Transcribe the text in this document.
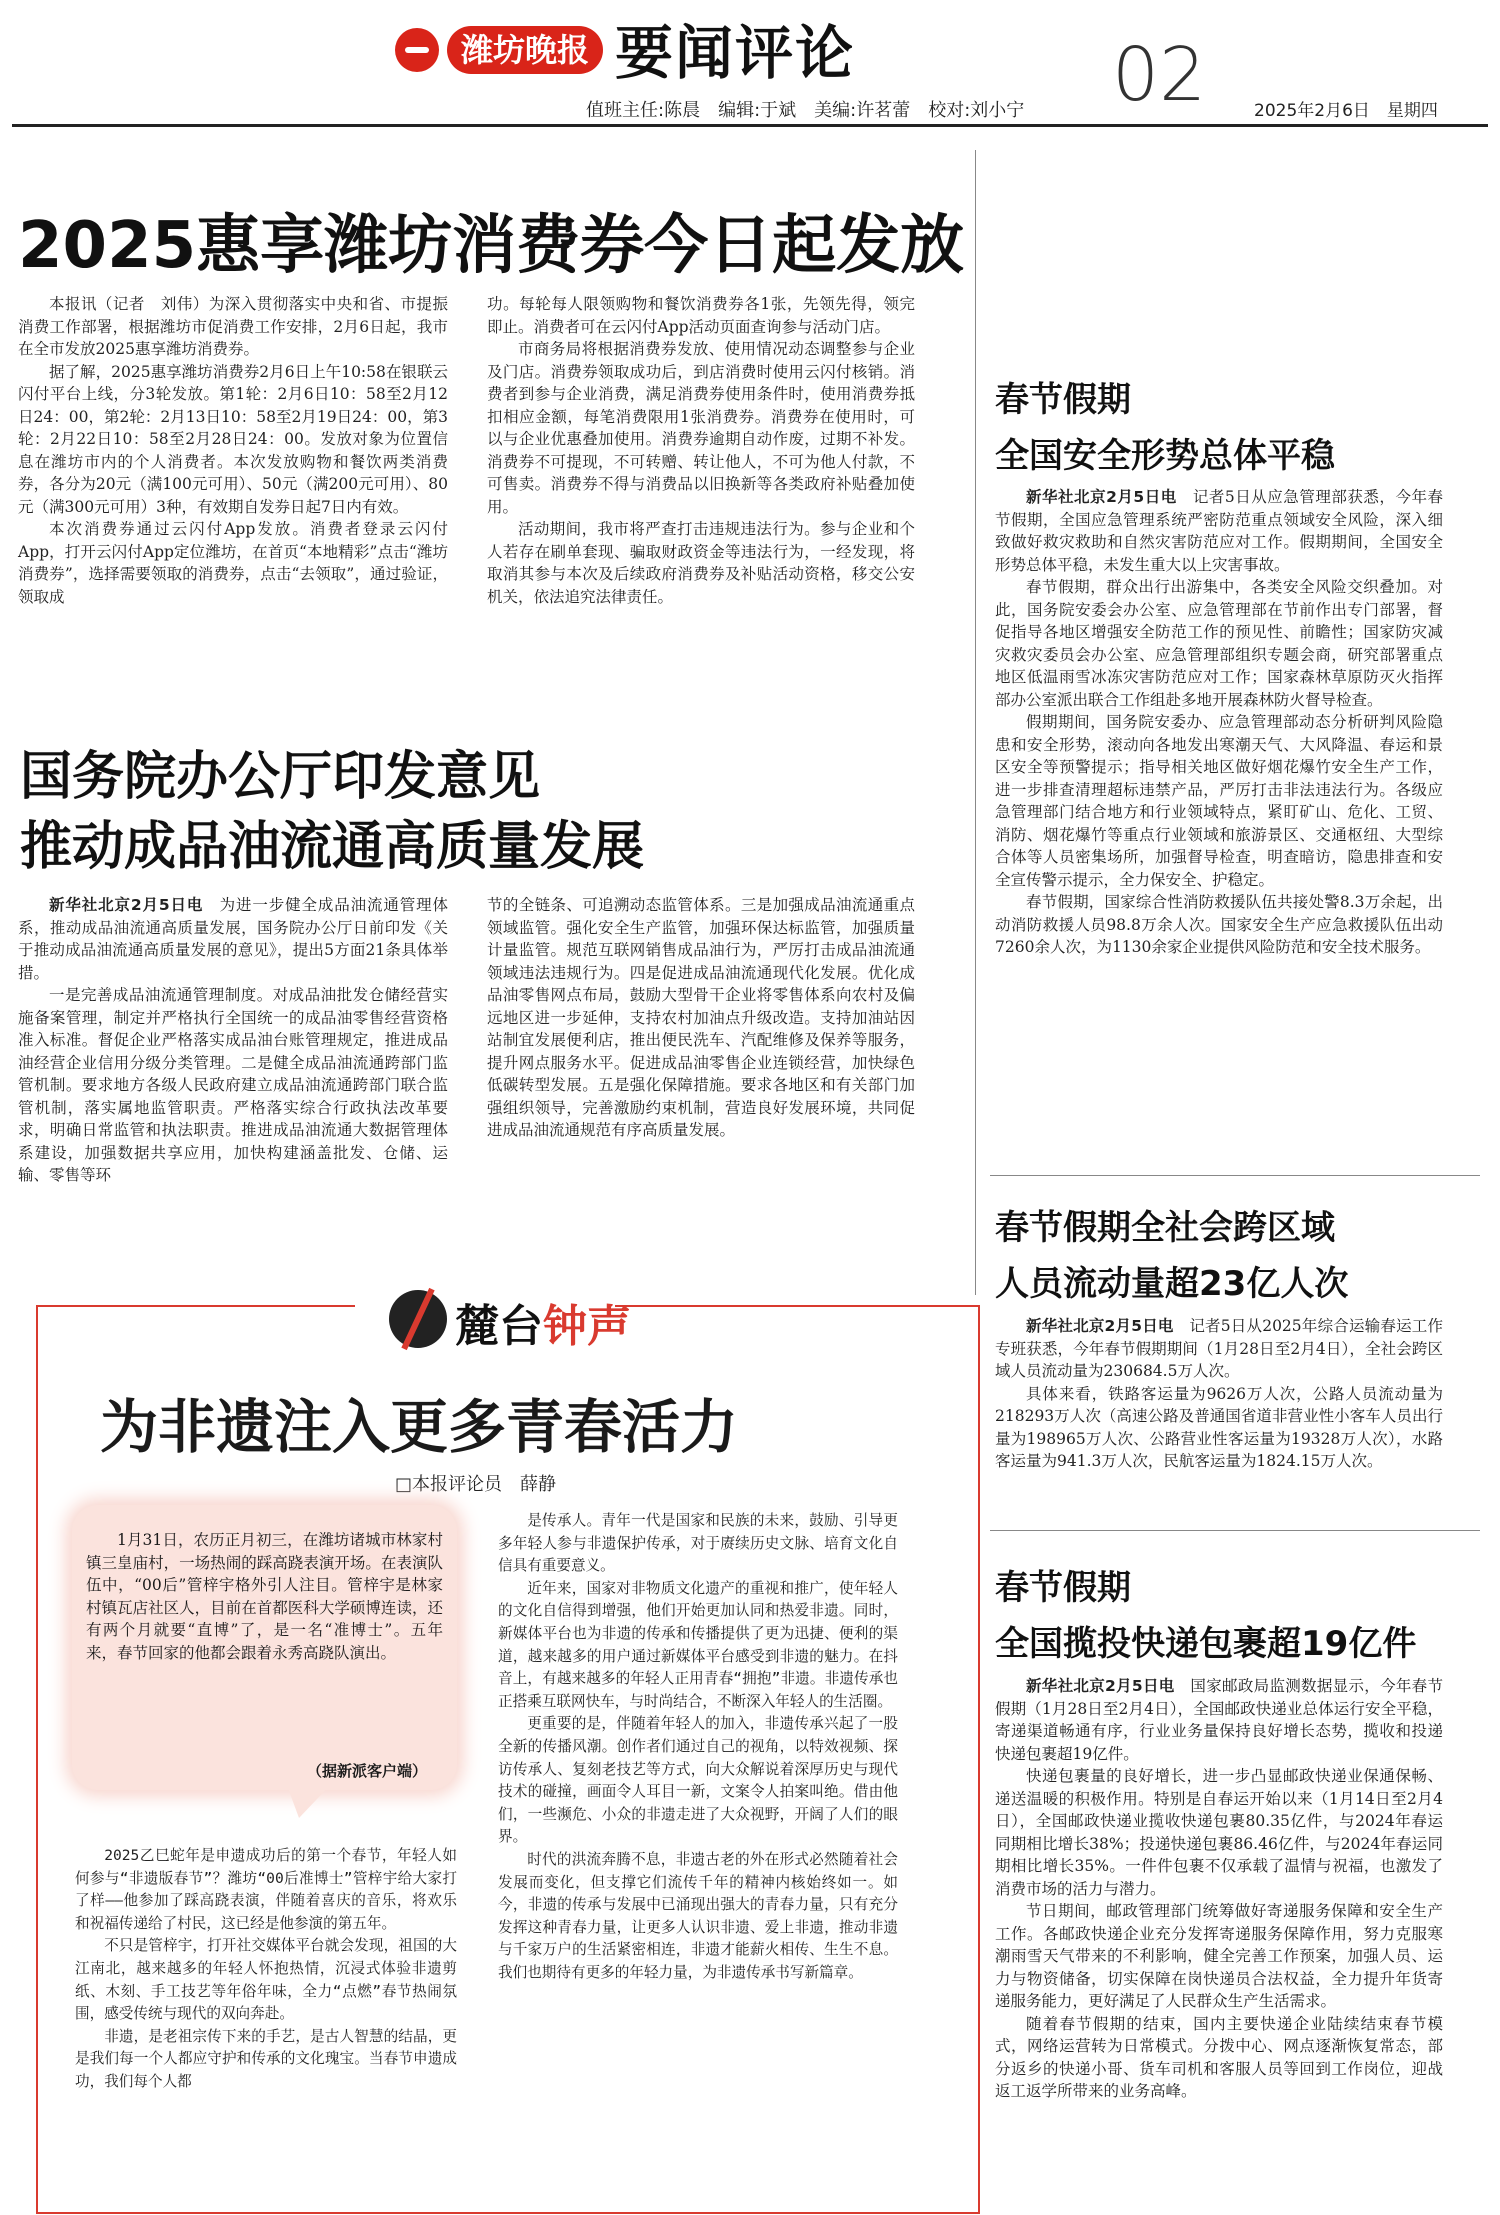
潍坊晚报 要闻评论
值班主任:陈晨　编辑:于斌　美编:许茗蕾　校对:刘小宁 02	2025年2月6日　星期四
2025惠享潍坊消费券今日起发放

本报讯（记者　刘伟）为深入贯彻落实中央和省、市提振消费工作部署，根据潍坊市促消费工作安排，2月6日起，我市在全市发放2025惠享潍坊消费券。

据了解，2025惠享潍坊消费券2月6日上午10:58在银联云闪付平台上线，分3轮发放。第1轮：2月6日10：58至2月12日24：00，第2轮：2月13日10：58至2月19日24：00，第3轮：2月22日10：58至2月28日24：00。发放对象为位置信息在潍坊市内的个人消费者。本次发放购物和餐饮两类消费券，各分为20元（满100元可用）、50元（满200元可用）、80元（满300元可用）3种，有效期自发券日起7日内有效。

本次消费券通过云闪付App发放。消费者登录云闪付App，打开云闪付App定位潍坊，在首页“本地精彩”点击“潍坊消费券”，选择需要领取的消费券，点击“去领取”，通过验证，领取成

功。每轮每人限领购物和餐饮消费券各1张，先领先得，领完即止。消费者可在云闪付App活动页面查询参与活动门店。

市商务局将根据消费券发放、使用情况动态调整参与企业及门店。消费券领取成功后，到店消费时使用云闪付核销。消费者到参与企业消费，满足消费券使用条件时，使用消费券抵扣相应金额，每笔消费限用1张消费券。消费券在使用时，可以与企业优惠叠加使用。消费券逾期自动作废，过期不补发。消费券不可提现，不可转赠、转让他人，不可为他人付款，不可售卖。消费券不得与消费品以旧换新等各类政府补贴叠加使用。

活动期间，我市将严查打击违规违法行为。参与企业和个人若存在刷单套现、骗取财政资金等违法行为，一经发现，将取消其参与本次及后续政府消费券及补贴活动资格，移交公安机关，依法追究法律责任。

国务院办公厅印发意见
推动成品油流通高质量发展

新华社北京2月5日电　 为进一步健全成品油流通管理体系，推动成品油流通高质量发展，国务院办公厅日前印发《关于推动成品油流通高质量发展的意见》，提出5方面21条具体举措。

一是完善成品油流通管理制度。对成品油批发仓储经营实施备案管理，制定并严格执行全国统一的成品油零售经营资格准入标准。督促企业严格落实成品油台账管理规定，推进成品油经营企业信用分级分类管理。二是健全成品油流通跨部门监管机制。要求地方各级人民政府建立成品油流通跨部门联合监管机制，落实属地监管职责。严格落实综合行政执法改革要求，明确日常监管和执法职责。推进成品油流通大数据管理体系建设，加强数据共享应用，加快构建涵盖批发、仓储、运输、零售等环

节的全链条、可追溯动态监管体系。三是加强成品油流通重点领域监管。强化安全生产监管，加强环保达标监管，加强质量计量监管。规范互联网销售成品油行为，严厉打击成品油流通领域违法违规行为。四是促进成品油流通现代化发展。优化成品油零售网点布局，鼓励大型骨干企业将零售体系向农村及偏远地区进一步延伸，支持农村加油点升级改造。支持加油站因站制宜发展便利店，推出便民洗车、汽配维修及保养等服务，提升网点服务水平。促进成品油零售企业连锁经营，加快绿色低碳转型发展。五是强化保障措施。要求各地区和有关部门加强组织领导，完善激励约束机制，营造良好发展环境，共同促进成品油流通规范有序高质量发展。

春节假期
全国安全形势总体平稳

新华社北京2月5日电　 记者5日从应急管理部获悉，今年春节假期，全国应急管理系统严密防范重点领域安全风险，深入细致做好救灾救助和自然灾害防范应对工作。假期期间，全国安全形势总体平稳，未发生重大以上灾害事故。

春节假期，群众出行出游集中，各类安全风险交织叠加。对此，国务院安委会办公室、应急管理部在节前作出专门部署，督促指导各地区增强安全防范工作的预见性、前瞻性；国家防灾减灾救灾委员会办公室、应急管理部组织专题会商，研究部署重点地区低温雨雪冰冻灾害防范应对工作；国家森林草原防灭火指挥部办公室派出联合工作组赴多地开展森林防火督导检查。

假期期间，国务院安委办、应急管理部动态分析研判风险隐患和安全形势，滚动向各地发出寒潮天气、大风降温、春运和景区安全等预警提示；指导相关地区做好烟花爆竹安全生产工作，进一步排查清理超标违禁产品，严厉打击非法违法行为。各级应急管理部门结合地方和行业领域特点，紧盯矿山、危化、工贸、消防、烟花爆竹等重点行业领域和旅游景区、交通枢纽、大型综合体等人员密集场所，加强督导检查，明查暗访，隐患排查和安全宣传警示提示，全力保安全、护稳定。

春节假期，国家综合性消防救援队伍共接处警8.3万余起，出动消防救援人员98.8万余人次。国家安全生产应急救援队伍出动7260余人次，为1130余家企业提供风险防范和安全技术服务。

春节假期全社会跨区域
人员流动量超23亿人次

新华社北京2月5日电　 记者5日从2025年综合运输春运工作专班获悉，今年春节假期期间（1月28日至2月4日），全社会跨区域人员流动量为230684.5万人次。

具体来看，铁路客运量为9626万人次，公路人员流动量为218293万人次（高速公路及普通国省道非营业性小客车人员出行量为198965万人次、公路营业性客运量为19328万人次），水路客运量为941.3万人次，民航客运量为1824.15万人次。

春节假期
全国揽投快递包裹超19亿件

新华社北京2月5日电　 国家邮政局监测数据显示，今年春节假期（1月28日至2月4日），全国邮政快递业总体运行安全平稳，寄递渠道畅通有序，行业业务量保持良好增长态势，揽收和投递快递包裹超19亿件。

快递包裹量的良好增长，进一步凸显邮政快递业保通保畅、递送温暖的积极作用。特别是自春运开始以来（1月14日至2月4日），全国邮政快递业揽收快递包裹80.35亿件，与2024年春运同期相比增长38%；投递快递包裹86.46亿件，与2024年春运同期相比增长35%。一件件包裹不仅承载了温情与祝福，也激发了消费市场的活力与潜力。

节日期间，邮政管理部门统筹做好寄递服务保障和安全生产工作。各邮政快递企业充分发挥寄递服务保障作用，努力克服寒潮雨雪天气带来的不利影响，健全完善工作预案，加强人员、运力与物资储备，切实保障在岗快递员合法权益，全力提升年货寄递服务能力，更好满足了人民群众生产生活需求。

随着春节假期的结束，国内主要快递企业陆续结束春节模式，网络运营转为日常模式。分拨中心、网点逐渐恢复常态，部分返乡的快递小哥、货车司机和客服人员等回到工作岗位，迎战返工返学所带来的业务高峰。

麓台钟声
为非遗注入更多青春活力
□本报评论员　薛静

1月31日，农历正月初三，在潍坊诸城市林家村镇三皇庙村，一场热闹的踩高跷表演开场。在表演队伍中，“00后”管梓宇格外引人注目。管梓宇是林家村镇瓦店社区人，目前在首都医科大学硕博连读，还有两个月就要“直博”了，是一名“准博士”。五年来，春节回家的他都会跟着永秀高跷队演出。

（据新派客户端）

2025乙巳蛇年是申遗成功后的第一个春节，年轻人如何参与“非遗版春节”？潍坊“00后准博士”管梓宇给大家打了样——他参加了踩高跷表演，伴随着喜庆的音乐，将欢乐和祝福传递给了村民，这已经是他参演的第五年。

不只是管梓宇，打开社交媒体平台就会发现，祖国的大江南北，越来越多的年轻人怀抱热情，沉浸式体验非遗剪纸、木刻、手工技艺等年俗年味，全力“点燃”春节热闹氛围，感受传统与现代的双向奔赴。

非遗，是老祖宗传下来的手艺，是古人智慧的结晶，更是我们每一个人都应守护和传承的文化瑰宝。当春节申遗成功，我们每个人都

是传承人。青年一代是国家和民族的未来，鼓励、引导更多年轻人参与非遗保护传承，对于赓续历史文脉、培育文化自信具有重要意义。

近年来，国家对非物质文化遗产的重视和推广，使年轻人的文化自信得到增强，他们开始更加认同和热爱非遗。同时，新媒体平台也为非遗的传承和传播提供了更为迅捷、便利的渠道，越来越多的用户通过新媒体平台感受到非遗的魅力。在抖音上，有越来越多的年轻人正用青春“拥抱”非遗。非遗传承也正搭乘互联网快车，与时尚结合，不断深入年轻人的生活圈。

更重要的是，伴随着年轻人的加入，非遗传承兴起了一股全新的传播风潮。创作者们通过自己的视角，以特效视频、探访传承人、复刻老技艺等方式，向大众解说着深厚历史与现代技术的碰撞，画面令人耳目一新，文案令人拍案叫绝。借由他们，一些濒危、小众的非遗走进了大众视野，开阔了人们的眼界。

时代的洪流奔腾不息，非遗古老的外在形式必然随着社会发展而变化，但支撑它们流传千年的精神内核始终如一。如今，非遗的传承与发展中已涌现出强大的青春力量，只有充分发挥这种青春力量，让更多人认识非遗、爱上非遗，推动非遗与千家万户的生活紧密相连，非遗才能薪火相传、生生不息。我们也期待有更多的年轻力量，为非遗传承书写新篇章。
